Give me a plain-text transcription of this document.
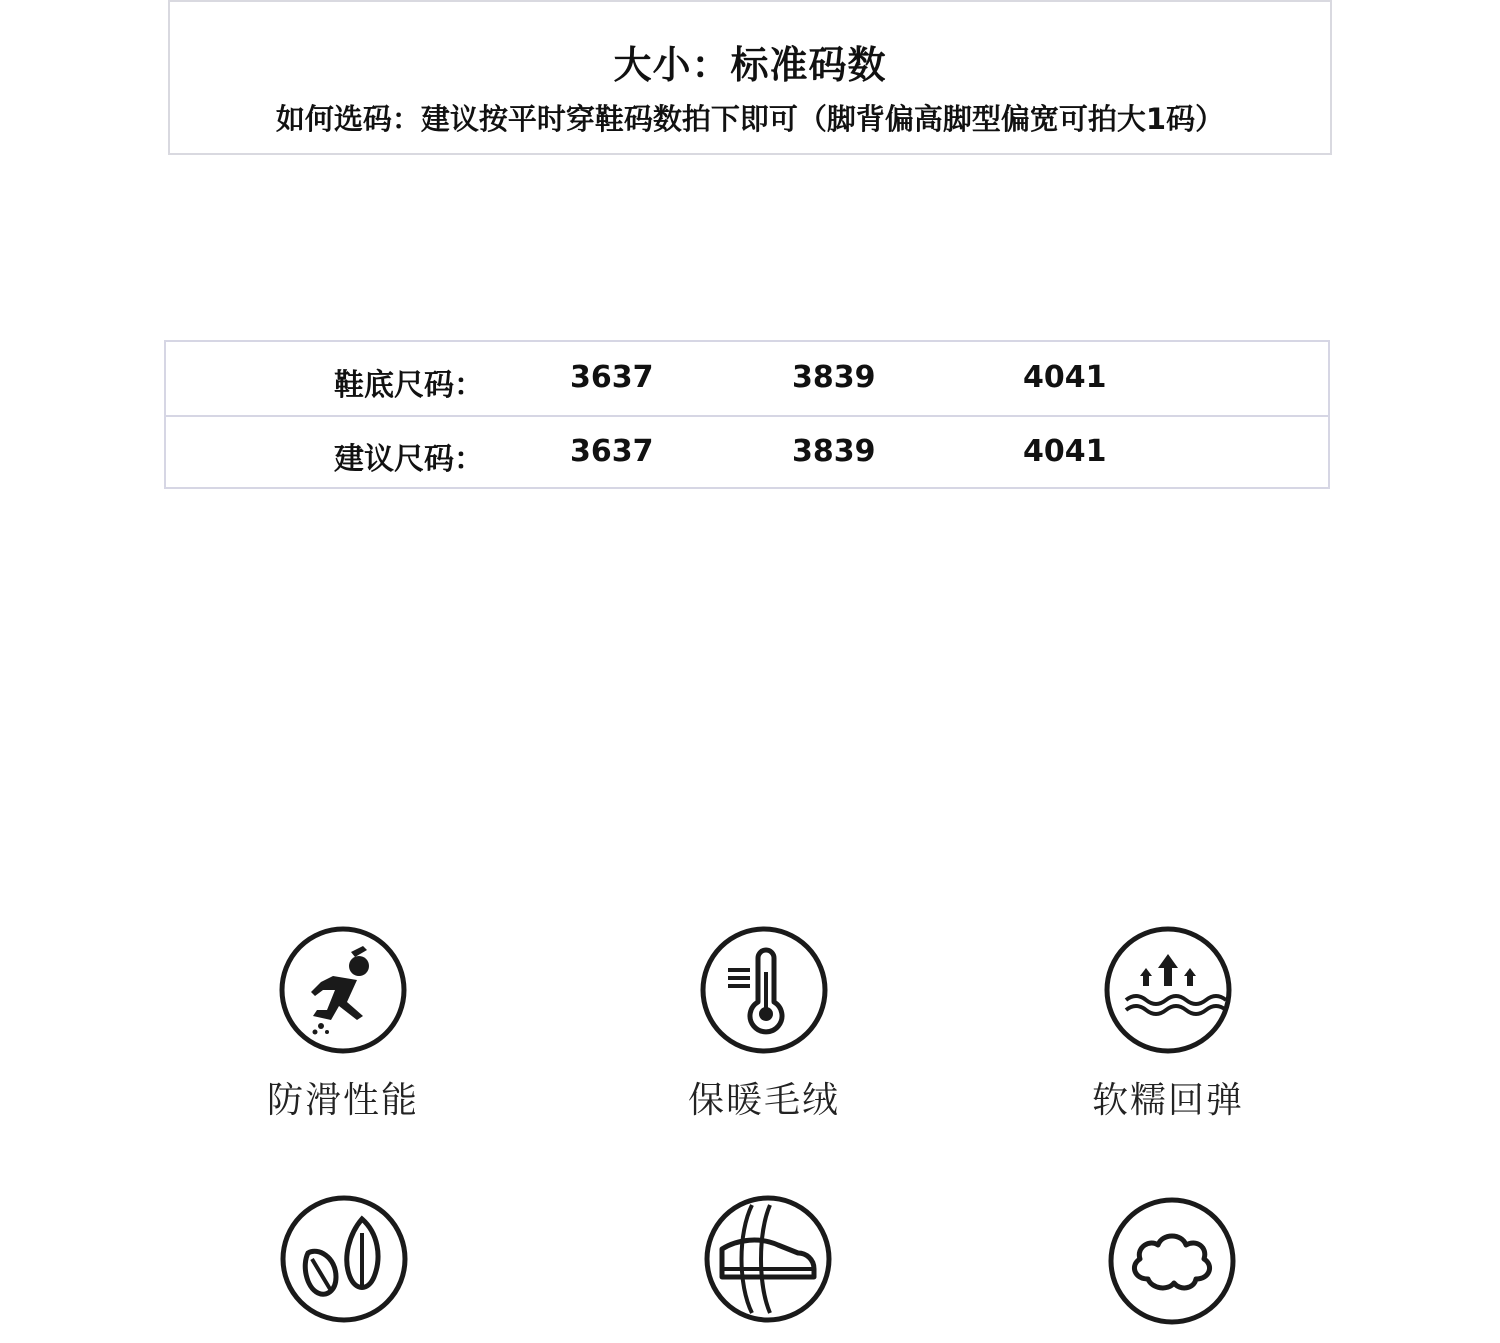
大小：标准码数
如何选码：建议按平时穿鞋码数拍下即可（脚背偏高脚型偏宽可拍大1码）
鞋底尺码：	3637	3839	4041
建议尺码：	3637	3839	4041
防滑性能	保暖毛绒	软糯回弹
